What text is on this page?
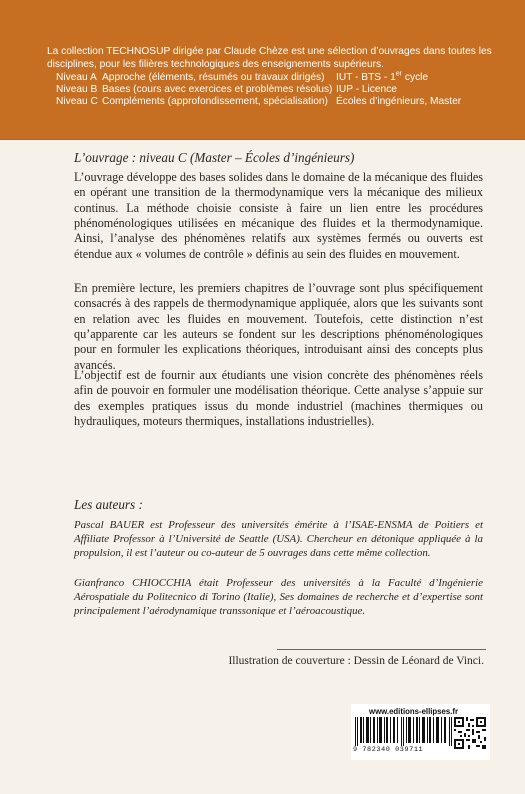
La collection TECHNOSUP dirigée par Claude Chèze est une sélection d’ouvrages dans toutes les disciplines, pour les filières technologiques des enseignements supérieurs.
Niveau A Approche (éléments, résumés ou travaux dirigés)	IUT - BTS - 1er cycle
Niveau B Bases (cours avec exercices et problèmes résolus) IUP - Licence
Niveau C Compléments (approfondissement, spécialisation) Écoles d’ingénieurs, Master
L’ouvrage : niveau C (Master – Écoles d’ingénieurs)

L’ouvrage développe des bases solides dans le domaine de la mécanique des fluides en opérant une transition de la thermodynamique vers la mécanique des milieux continus. La méthode choisie consiste à faire un lien entre les procédures phénoménologiques utilisées en mécanique des fluides et la thermodynamique. Ainsi, l’analyse des phénomènes relatifs aux systèmes fermés ou ouverts est étendue aux « volumes de contrôle » définis au sein des fluides en mouvement.

En première lecture, les premiers chapitres de l’ouvrage sont plus spécifiquement consacrés à des rappels de thermodynamique appliquée, alors que les suivants sont en relation avec les fluides en mouvement. Toutefois, cette distinction n’est qu’apparente car les auteurs se fondent sur les descriptions phénoménologiques pour en formuler les explications théoriques, introduisant ainsi des concepts plus avancés.

L’objectif est de fournir aux étudiants une vision concrète des phénomènes réels afin de pouvoir en formuler une modélisation théorique. Cette analyse s’appuie sur des exemples pratiques issus du monde industriel (machines thermiques ou hydrauliques, moteurs thermiques, installations industrielles).

Les auteurs :

Pascal BAUER est Professeur des universités émérite à l’ISAE-ENSMA de Poitiers et Affiliate Professor à l’Université de Seattle (USA). Chercheur en détonique appliquée à la propulsion, il est l’auteur ou co-auteur de 5 ouvrages dans cette même collection.

Gianfranco CHIOCCHIA était Professeur des universités à la Faculté d’Ingénierie Aérospatiale du Politecnico di Torino (Italie), Ses domaines de recherche et d’expertise sont principalement l’aérodynamique transsonique et l’aéroacoustique.

Illustration de couverture : Dessin de Léonard de Vinci.
www.editions-ellipses.fr
9 782340 039711
